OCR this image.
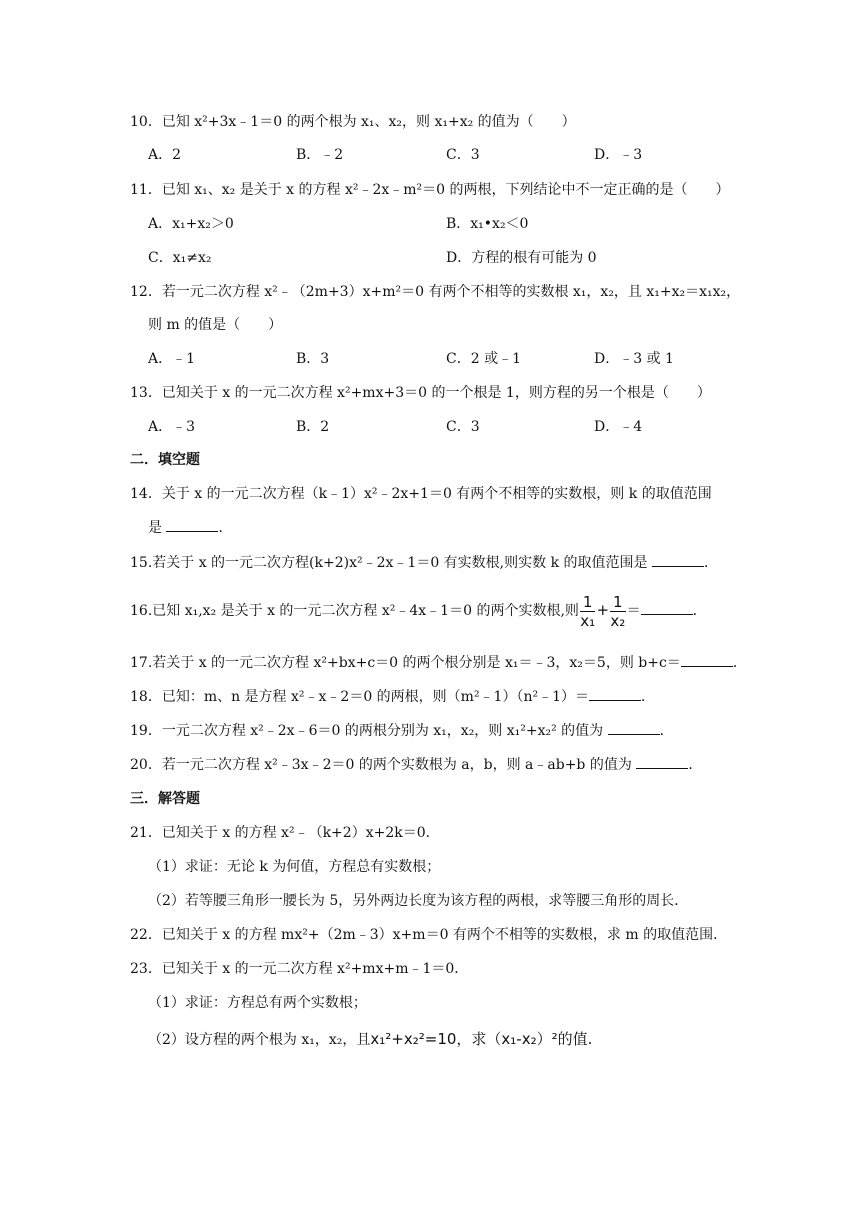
10．已知 x²+3x﹣1＝0 的两个根为 x₁、x₂，则 x₁+x₂ 的值为（　　）
A．2	B．﹣2	C．3	D．﹣3
11．已知 x₁、x₂ 是关于 x 的方程 x²﹣2x﹣m²＝0 的两根，下列结论中不一定正确的是（　　）
A．x₁+x₂＞0	B．x₁•x₂＜0
C．x₁≠x₂	D．方程的根有可能为 0
12．若一元二次方程 x²﹣（2m+3）x+m²＝0 有两个不相等的实数根 x₁，x₂，且 x₁+x₂＝x₁x₂，
则 m 的值是（　　）
A．﹣1	B．3	C．2 或﹣1	D．﹣3 或 1
13．已知关于 x 的一元二次方程 x²+mx+3＝0 的一个根是 1，则方程的另一个根是（　　）
A．﹣3	B．2	C．3	D．﹣4
二．填空题
14．关于 x 的一元二次方程（k﹣1）x²﹣2x+1＝0 有两个不相等的实数根，则 k 的取值范围
是	．
15.若关于 x 的一元二次方程(k+2)x²﹣2x﹣1＝0 有实数根,则实数 k 的取值范围是	．
16.已知 x₁,x₂ 是关于 x 的一元二次方程 x²﹣4x﹣1＝0 的两个实数根,则 $\frac{1}{\text{x₁}} + \frac{1}{\text{x₂}}$ ＝	．
17.若关于 x 的一元二次方程 x²+bx+c＝0 的两个根分别是 x₁＝﹣3，x₂＝5，则 b+c＝	．
18．已知：m、n 是方程 x²﹣x﹣2＝0 的两根，则（m²﹣1）（n²﹣1）＝	．
19．一元二次方程 x²﹣2x﹣6＝0 的两根分别为 x₁，x₂，则 x₁²+x₂² 的值为	．
20．若一元二次方程 x²﹣3x﹣2＝0 的两个实数根为 a，b，则 a﹣ab+b 的值为	．
三．解答题
21．已知关于 x 的方程 x²﹣（k+2）x+2k＝0．
（1）求证：无论 k 为何值，方程总有实数根；
（2）若等腰三角形一腰长为 5，另外两边长度为该方程的两根，求等腰三角形的周长．
22．已知关于 x 的方程 mx²+（2m﹣3）x+m＝0 有两个不相等的实数根，求 m 的取值范围．
23．已知关于 x 的一元二次方程 x²+mx+m﹣1＝0．
（1）求证：方程总有两个实数根；
（2）设方程的两个根为 x₁，x₂，且x₁²+x₂²=10，求（x₁-x₂）²的值.
